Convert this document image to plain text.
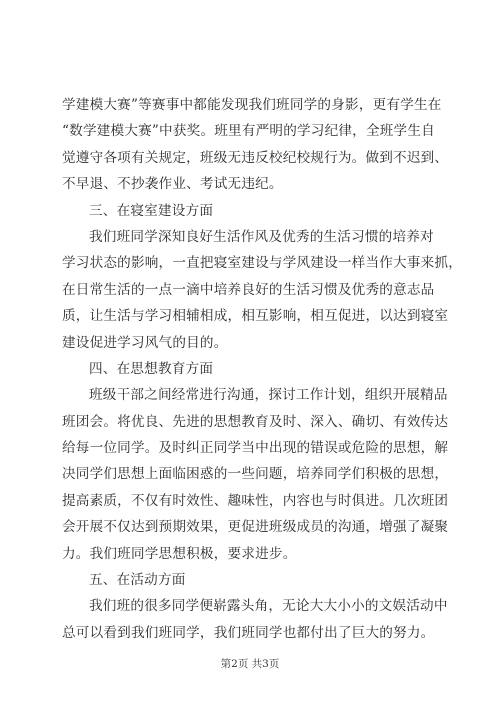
学建模大赛”等赛事中都能发现我们班同学的身影，更有学生在
“数学建模大赛”中获奖。班里有严明的学习纪律，全班学生自
觉遵守各项有关规定，班级无违反校纪校规行为。做到不迟到、
不早退、不抄袭作业、考试无违纪。
三、在寝室建设方面
我们班同学深知良好生活作风及优秀的生活习惯的培养对
学习状态的影响，一直把寝室建设与学风建设一样当作大事来抓，
在日常生活的一点一滴中培养良好的生活习惯及优秀的意志品
质，让生活与学习相辅相成，相互影响，相互促进，以达到寝室
建设促进学习风气的目的。
四、在思想教育方面
班级干部之间经常进行沟通，探讨工作计划，组织开展精品
班团会。将优良、先进的思想教育及时、深入、确切、有效传达
给每一位同学。及时纠正同学当中出现的错误或危险的思想，解
决同学们思想上面临困惑的一些问题，培养同学们积极的思想，
提高素质，不仅有时效性、趣味性，内容也与时俱进。几次班团
会开展不仅达到预期效果，更促进班级成员的沟通，增强了凝聚
力。我们班同学思想积极，要求进步。
五、在活动方面
我们班的很多同学便崭露头角，无论大大小小的文娱活动中
总可以看到我们班同学，我们班同学也都付出了巨大的努力。
第2页 共3页
